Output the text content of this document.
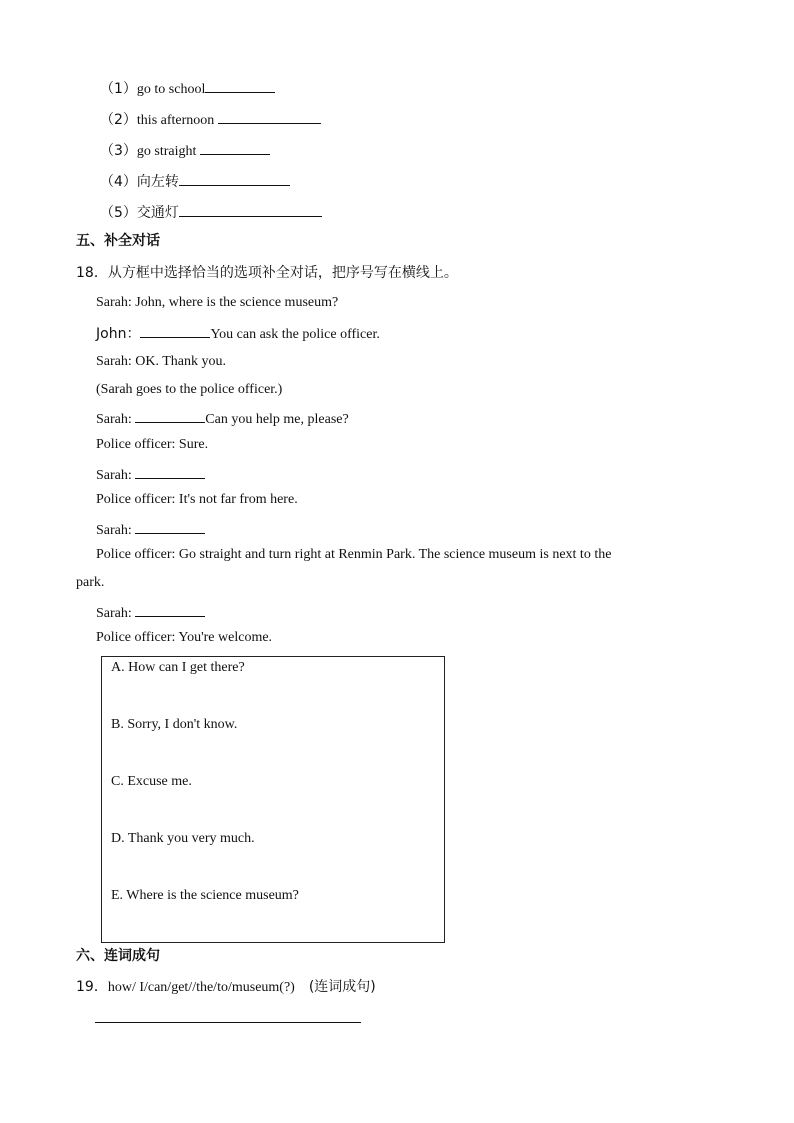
（1）go to school
（2）this afternoon
（3）go straight
（4）向左转
（5）交通灯
五、补全对话
18．从方框中选择恰当的选项补全对话，把序号写在横线上。
Sarah: John, where is the science museum?
John：	You can ask the police officer.
Sarah: OK. Thank you.
(Sarah goes to the police officer.)
Sarah:	Can you help me, please?
Police officer: Sure.
Sarah:
Police officer: It's not far from here.
Sarah:
Police officer: Go straight and turn right at Renmin Park. The science museum is next to the
park.
Sarah:
Police officer: You're welcome.
A. How can I get there?
B. Sorry, I don't know.
C. Excuse me.
D. Thank you very much.
E. Where is the science museum?
六、连词成句
19．how/ I/can/get//the/to/museum(?) (连词成句)
